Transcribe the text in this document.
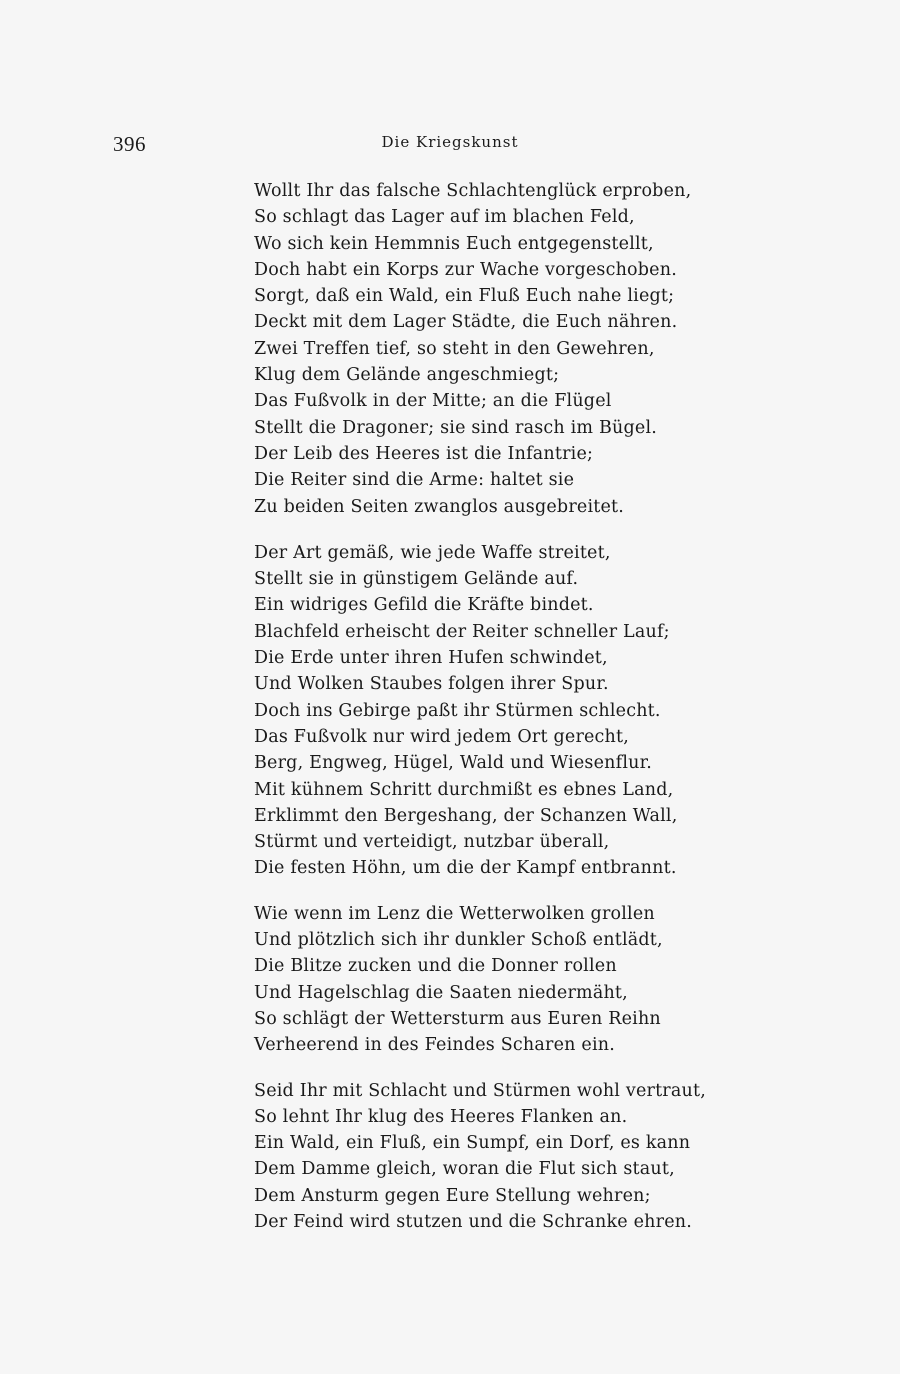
396	Die Kriegskunst
Wollt Ihr das falsche Schlachtenglück erproben,
So schlagt das Lager auf im blachen Feld,
Wo sich kein Hemmnis Euch entgegenstellt,
Doch habt ein Korps zur Wache vorgeschoben.
Sorgt, daß ein Wald, ein Fluß Euch nahe liegt;
Deckt mit dem Lager Städte, die Euch nähren.
Zwei Treffen tief, so steht in den Gewehren,
Klug dem Gelände angeschmiegt;
Das Fußvolk in der Mitte; an die Flügel
Stellt die Dragoner; sie sind rasch im Bügel.
Der Leib des Heeres ist die Infantrie;
Die Reiter sind die Arme: haltet sie
Zu beiden Seiten zwanglos ausgebreitet.
Der Art gemäß, wie jede Waffe streitet,
Stellt sie in günstigem Gelände auf.
Ein widriges Gefild die Kräfte bindet.
Blachfeld erheischt der Reiter schneller Lauf;
Die Erde unter ihren Hufen schwindet,
Und Wolken Staubes folgen ihrer Spur.
Doch ins Gebirge paßt ihr Stürmen schlecht.
Das Fußvolk nur wird jedem Ort gerecht,
Berg, Engweg, Hügel, Wald und Wiesenflur.
Mit kühnem Schritt durchmißt es ebnes Land,
Erklimmt den Bergeshang, der Schanzen Wall,
Stürmt und verteidigt, nutzbar überall,
Die festen Höhn, um die der Kampf entbrannt.
Wie wenn im Lenz die Wetterwolken grollen
Und plötzlich sich ihr dunkler Schoß entlädt,
Die Blitze zucken und die Donner rollen
Und Hagelschlag die Saaten niedermäht,
So schlägt der Wettersturm aus Euren Reihn
Verheerend in des Feindes Scharen ein.
Seid Ihr mit Schlacht und Stürmen wohl vertraut,
So lehnt Ihr klug des Heeres Flanken an.
Ein Wald, ein Fluß, ein Sumpf, ein Dorf, es kann
Dem Damme gleich, woran die Flut sich staut,
Dem Ansturm gegen Eure Stellung wehren;
Der Feind wird stutzen und die Schranke ehren.
